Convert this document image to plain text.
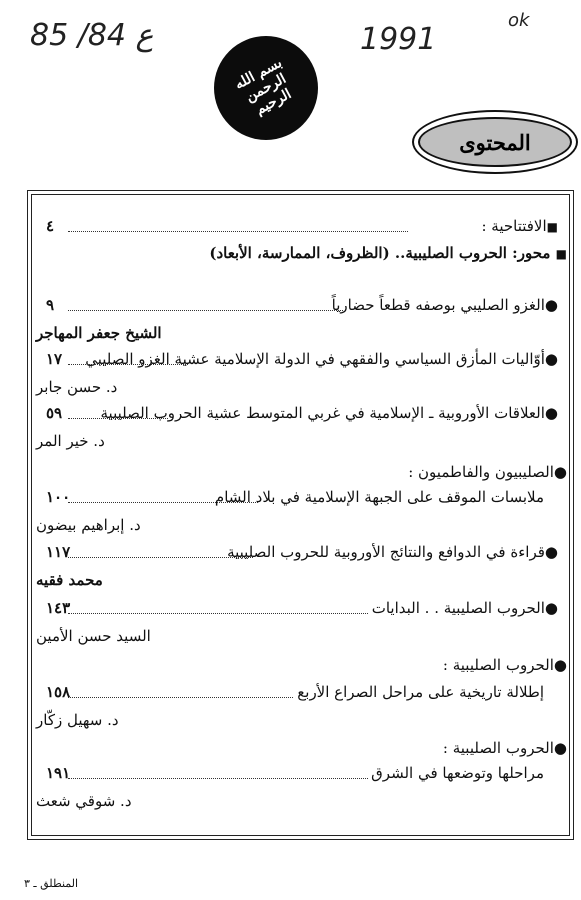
85 /84 ع	1991
ok
بسم الله الرحمن الرحيم
المحتوى
■الافتتاحية :
٤
■ محور: الحروب الصليبية.. (الظروف، الممارسة، الأبعاد)
●الغزو الصليبي بوصفه قطعاً حضارياً
٩
الشيخ جعفر المهاجر
●أوّاليات المأزق السياسي والفقهي في الدولة الإسلامية عشية الغزو الصليبي
١٧
د. حسن جابر
●العلاقات الأوروبية ـ الإسلامية في غربي المتوسط عشية الحروب الصليبية
٥٩
د. خير المر
●الصليبيون والفاطميون :
ملابسات الموقف على الجبهة الإسلامية في بلاد الشام
١٠٠
د. إبراهيم بيضون
●قراءة في الدوافع والنتائج الأوروبية للحروب الصليبية
١١٧
محمد فقيه
●الحروب الصليبية . . البدايات
١٤٣
السيد حسن الأمين
●الحروب الصليبية :
إطلالة تاريخية على مراحل الصراع الأربع
١٥٨
د. سهيل زكّار
●الحروب الصليبية :
مراحلها وتوضعها في الشرق
١٩١
د. شوقي شعث
المنطلق ـ ٣
